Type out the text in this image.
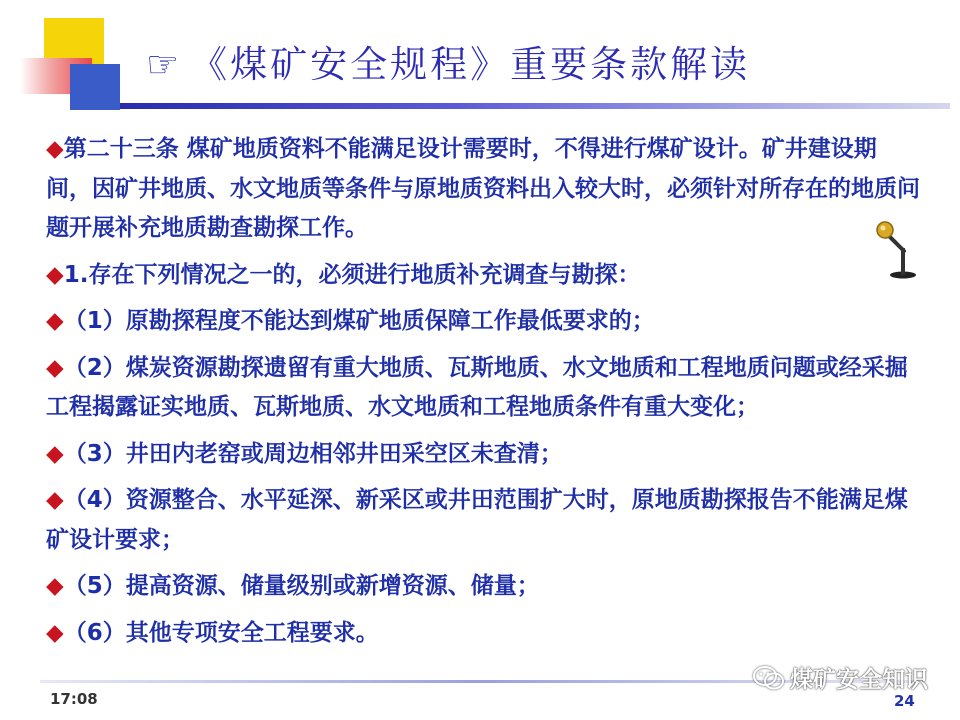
☞ 《煤矿安全规程》重要条款解读

◆第二十三条 煤矿地质资料不能满足设计需要时，不得进行煤矿设计。矿井建设期间，因矿井地质、水文地质等条件与原地质资料出入较大时，必须针对所存在的地质问题开展补充地质勘查勘探工作。

◆1.存在下列情况之一的，必须进行地质补充调查与勘探：

◆（1）原勘探程度不能达到煤矿地质保障工作最低要求的；

◆（2）煤炭资源勘探遗留有重大地质、瓦斯地质、水文地质和工程地质问题或经采掘工程揭露证实地质、瓦斯地质、水文地质和工程地质条件有重大变化；

◆（3）井田内老窑或周边相邻井田采空区未查清；

◆（4）资源整合、水平延深、新采区或井田范围扩大时，原地质勘探报告不能满足煤矿设计要求；

◆（5）提高资源、储量级别或新增资源、储量；

◆（6）其他专项安全工程要求。

17:08
煤矿安全知识
24
